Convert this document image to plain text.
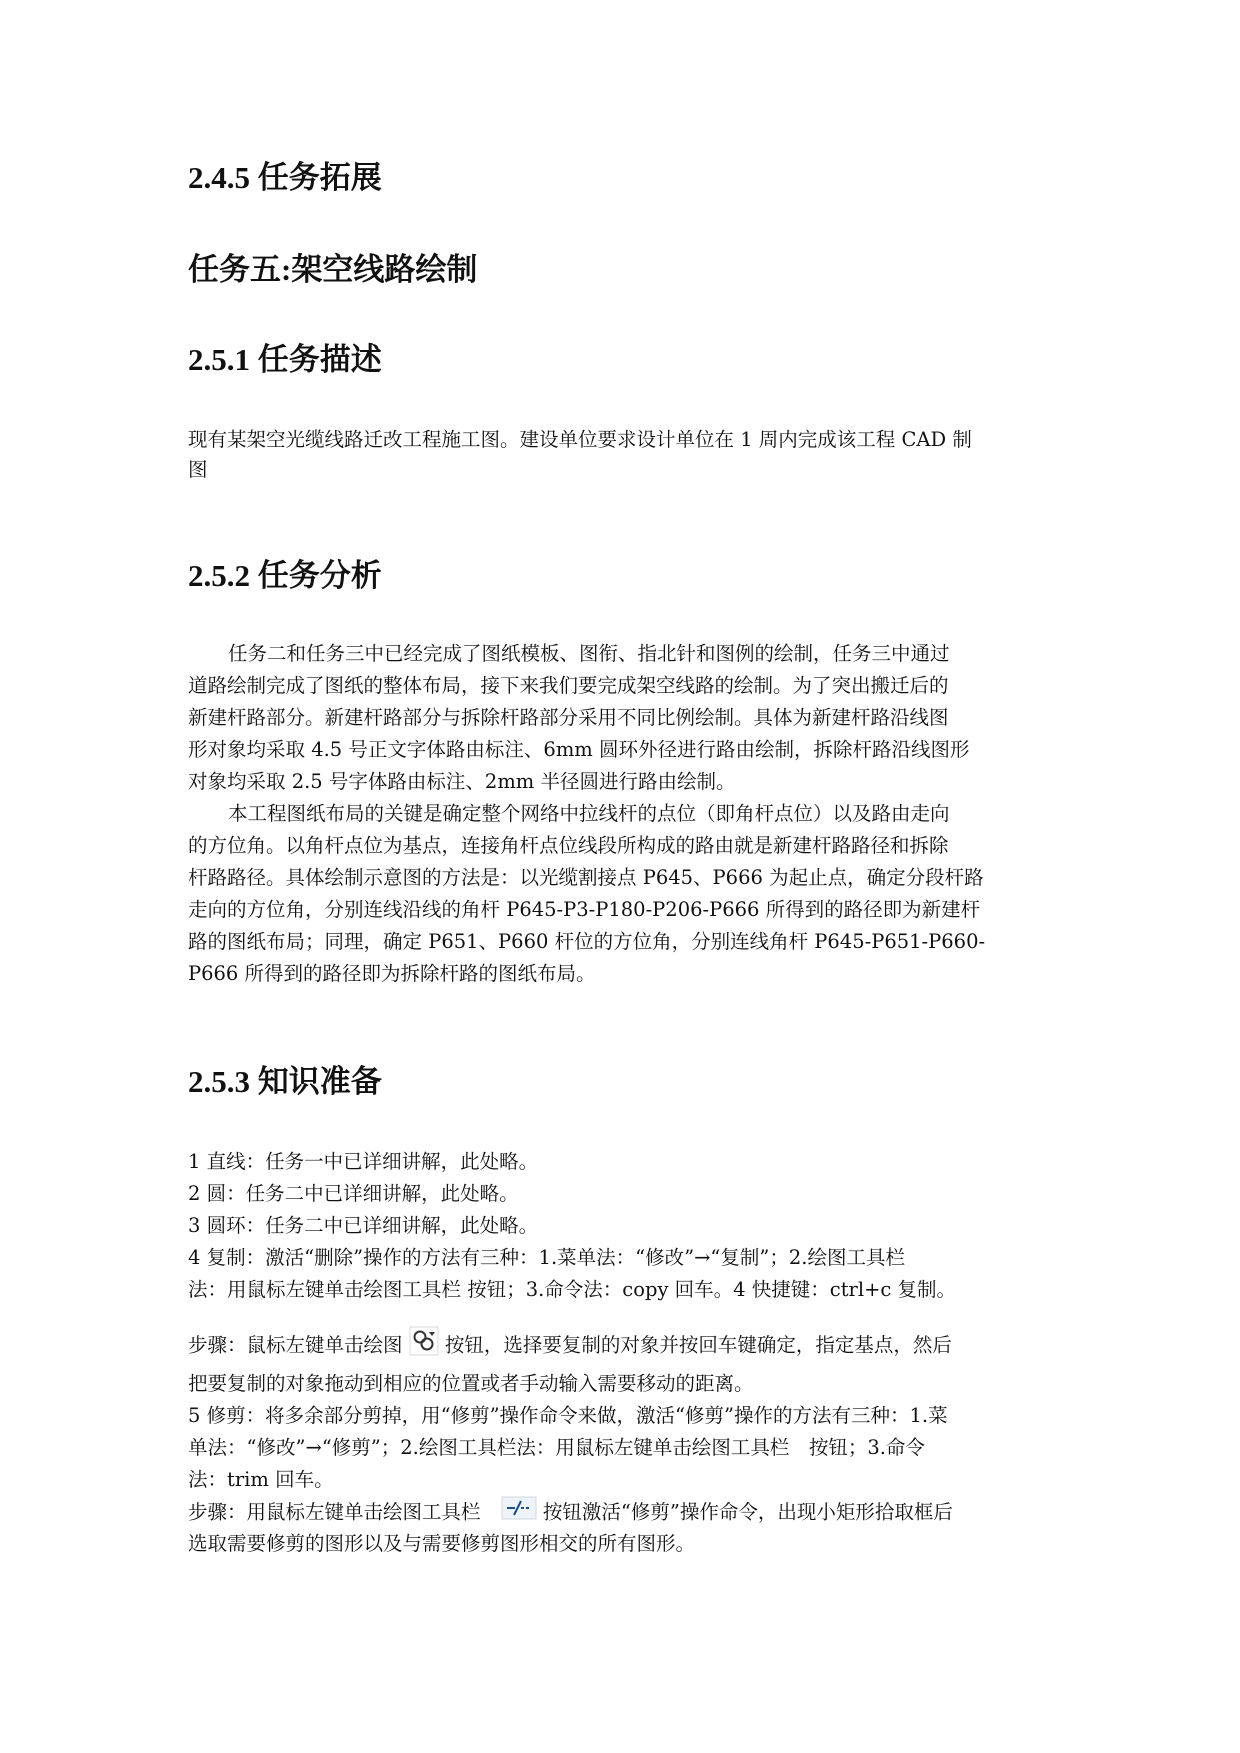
2.4.5 任务拓展
任务五:架空线路绘制
2.5.1 任务描述

现有某架空光缆线路迁改工程施工图。建设单位要求设计单位在 1 周内完成该工程 CAD 制

图

2.5.2 任务分析

任务二和任务三中已经完成了图纸模板、图衔、指北针和图例的绘制，任务三中通过

道路绘制完成了图纸的整体布局，接下来我们要完成架空线路的绘制。为了突出搬迁后的

新建杆路部分。新建杆路部分与拆除杆路部分采用不同比例绘制。具体为新建杆路沿线图

形对象均采取 4.5 号正文字体路由标注、6mm 圆环外径进行路由绘制，拆除杆路沿线图形

对象均采取 2.5 号字体路由标注、2mm 半径圆进行路由绘制。

本工程图纸布局的关键是确定整个网络中拉线杆的点位（即角杆点位）以及路由走向

的方位角。以角杆点位为基点，连接角杆点位线段所构成的路由就是新建杆路路径和拆除

杆路路径。具体绘制示意图的方法是：以光缆割接点 P645、P666 为起止点，确定分段杆路

走向的方位角，分别连线沿线的角杆 P645-P3-P180-P206-P666 所得到的路径即为新建杆

路的图纸布局；同理，确定 P651、P660 杆位的方位角，分别连线角杆 P645-P651-P660-

P666 所得到的路径即为拆除杆路的图纸布局。

2.5.3 知识准备

1 直线：任务一中已详细讲解，此处略。

2 圆：任务二中已详细讲解，此处略。

3 圆环：任务二中已详细讲解，此处略。

4 复制：激活“删除”操作的方法有三种：1.菜单法：“修改”→“复制”；2.绘图工具栏

法：用鼠标左键单击绘图工具栏 按钮；3.命令法：copy 回车。4 快捷键：ctrl+c 复制。

步骤：鼠标左键单击绘图 按钮，选择要复制的对象并按回车键确定，指定基点，然后

把要复制的对象拖动到相应的位置或者手动输入需要移动的距离。

5 修剪：将多余部分剪掉，用“修剪”操作命令来做，激活“修剪”操作的方法有三种：1.菜

单法：“修改”→“修剪”；2.绘图工具栏法：用鼠标左键单击绘图工具栏　按钮；3.命令

法：trim 回车。

步骤：用鼠标左键单击绘图工具栏	按钮激活“修剪”操作命令，出现小矩形拾取框后

选取需要修剪的图形以及与需要修剪图形相交的所有图形。
